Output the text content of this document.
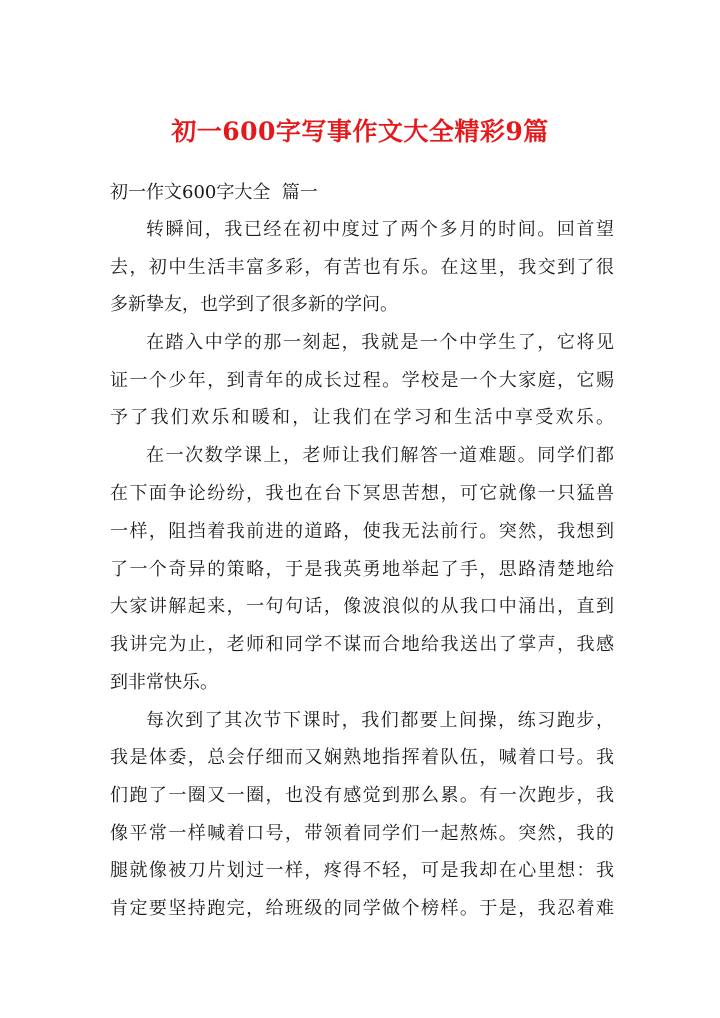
初一600字写事作文大全精彩9篇
初一作文600字大全  篇一
转瞬间，我已经在初中度过了两个多月的时间。回首望
去，初中生活丰富多彩，有苦也有乐。在这里，我交到了很
多新挚友，也学到了很多新的学问。
在踏入中学的那一刻起，我就是一个中学生了，它将见
证一个少年，到青年的成长过程。学校是一个大家庭，它赐
予了我们欢乐和暖和，让我们在学习和生活中享受欢乐。
在一次数学课上，老师让我们解答一道难题。同学们都
在下面争论纷纷，我也在台下冥思苦想，可它就像一只猛兽
一样，阻挡着我前进的道路，使我无法前行。突然，我想到
了一个奇异的策略，于是我英勇地举起了手，思路清楚地给
大家讲解起来，一句句话，像波浪似的从我口中涌出，直到
我讲完为止，老师和同学不谋而合地给我送出了掌声，我感
到非常快乐。
每次到了其次节下课时，我们都要上间操，练习跑步，
我是体委，总会仔细而又娴熟地指挥着队伍，喊着口号。我
们跑了一圈又一圈，也没有感觉到那么累。有一次跑步，我
像平常一样喊着口号，带领着同学们一起熬炼。突然，我的
腿就像被刀片划过一样，疼得不轻，可是我却在心里想：我
肯定要坚持跑完，给班级的同学做个榜样。于是，我忍着难
